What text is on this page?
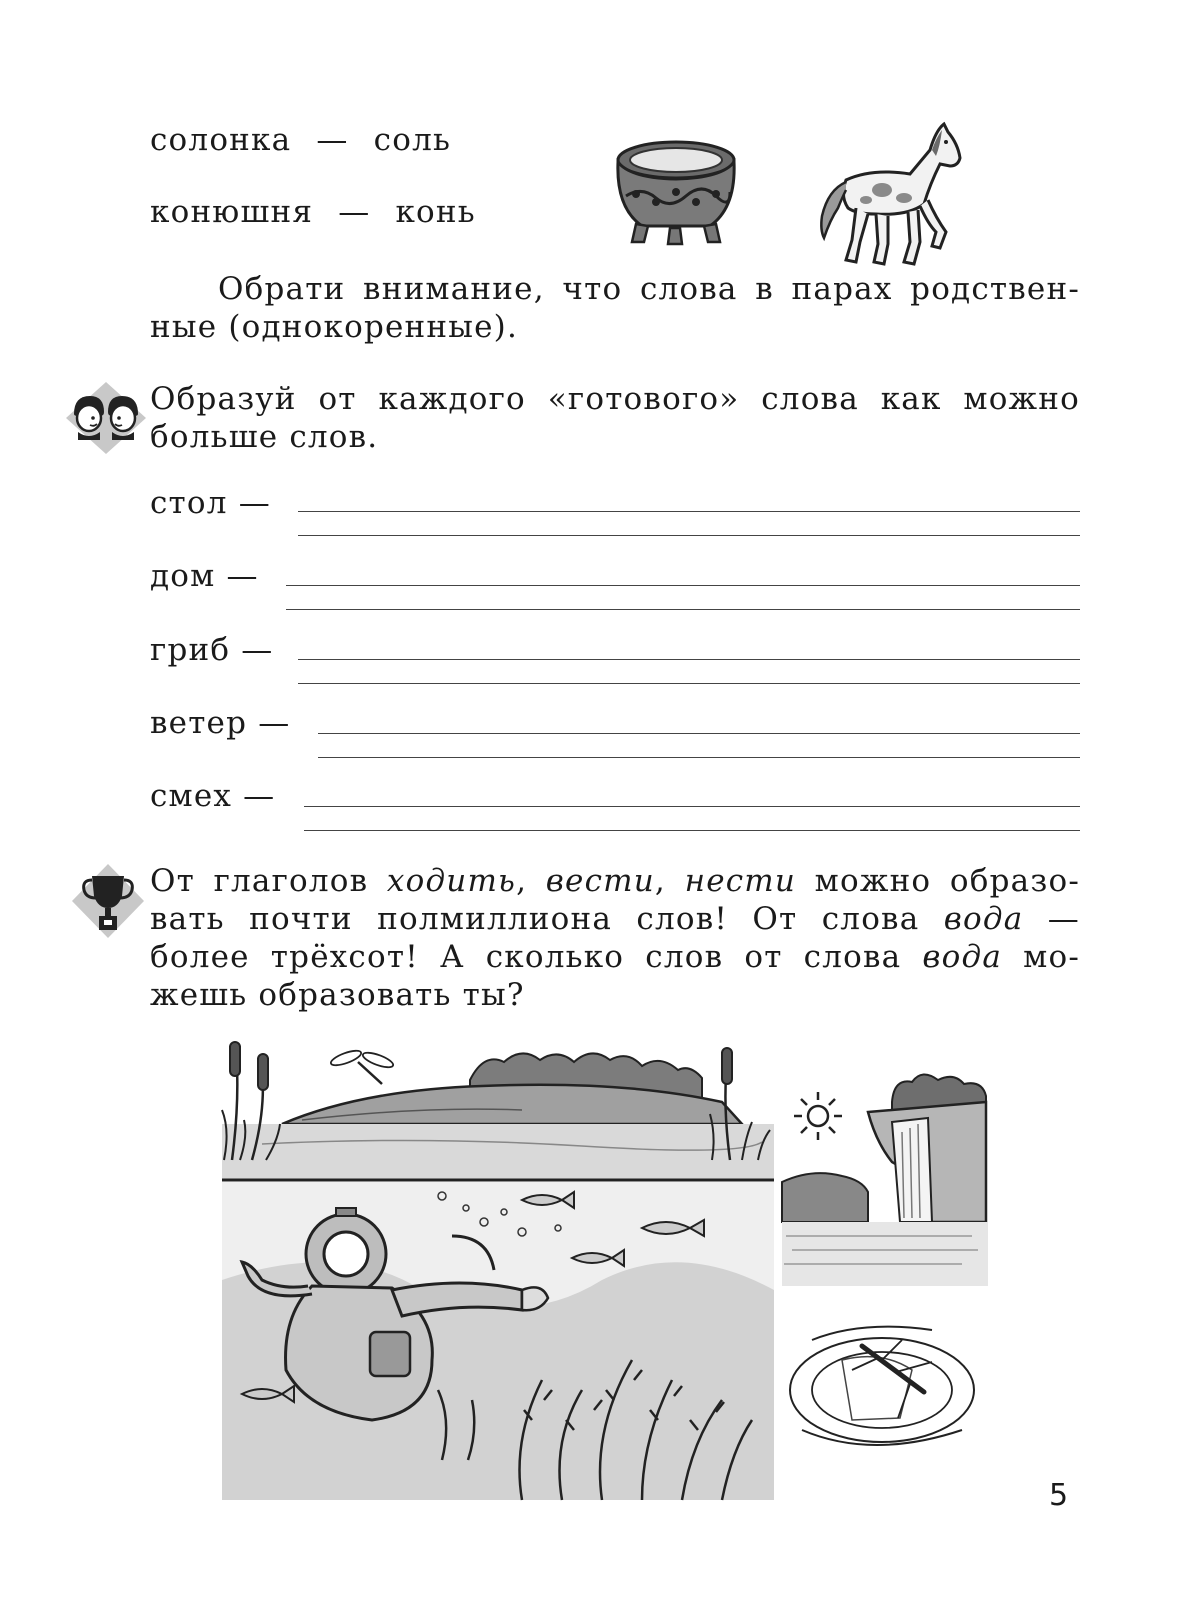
солонка — соль
конюшня — конь
Обрати внимание, что слова в парах родствен-
ные (однокоренные).
Образуй от каждого «готового» слова как можно
больше слов.
стол —
дом —
гриб —
ветер —
смех —
От глаголов ходить, вести, нести можно образо-
вать почти полмиллиона слов! От слова вода —
более трёхсот! А сколько слов от слова вода мо-
жешь образовать ты?
5
